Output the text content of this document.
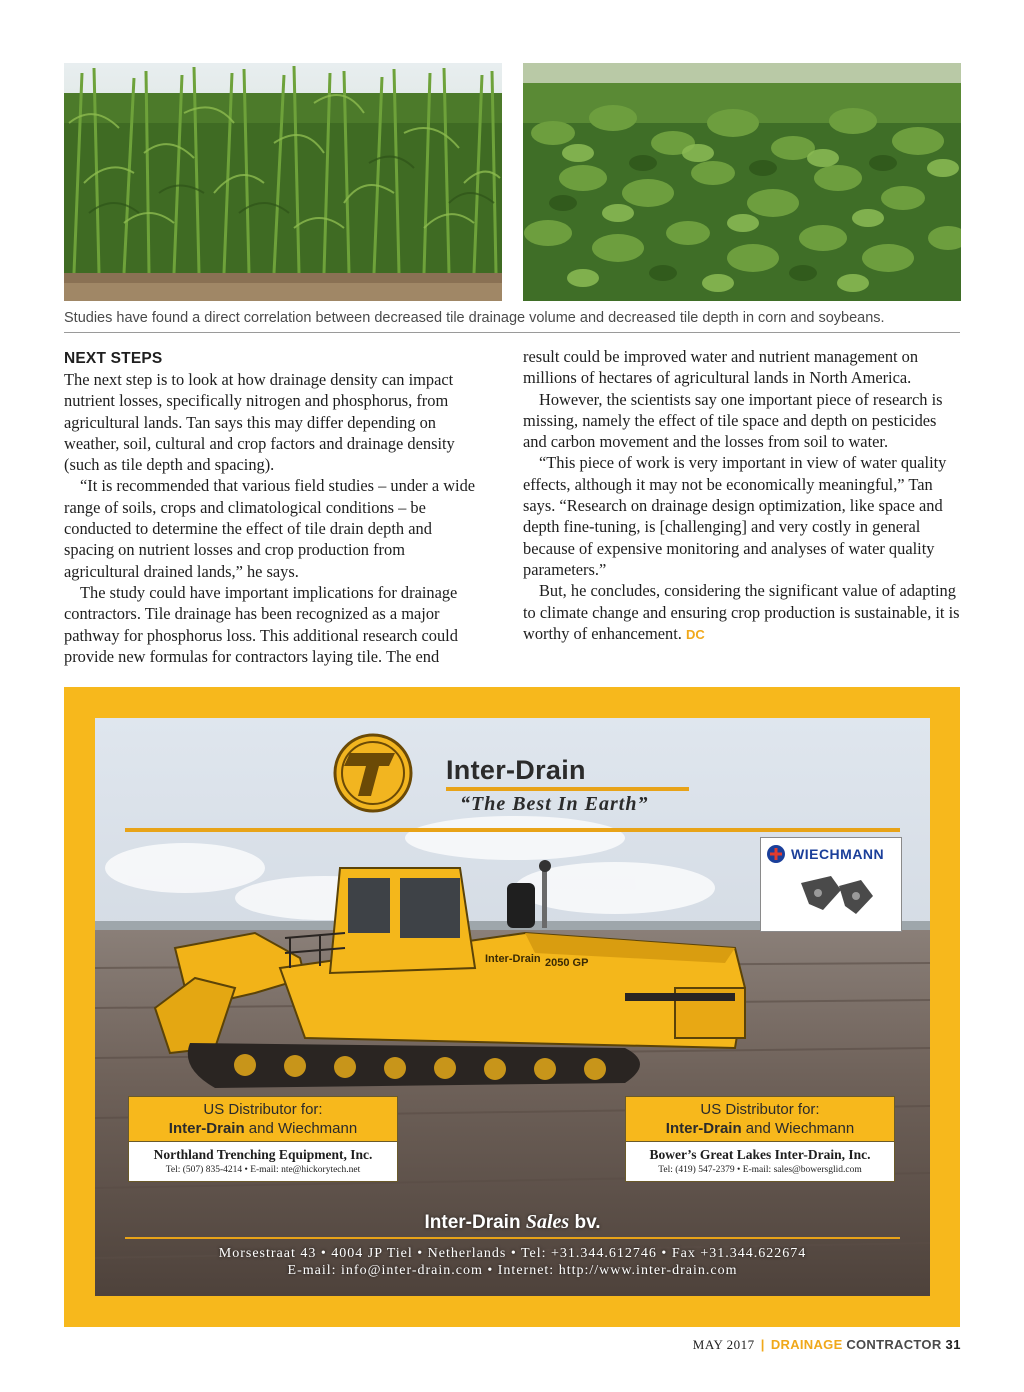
Studies have found a direct correlation between decreased tile drainage volume and decreased tile depth in corn and soybeans.
NEXT STEPS

The next step is to look at how drainage density can impact nutrient losses, specifically nitrogen and phosphorus, from agricultural lands. Tan says this may differ depending on weather, soil, cultural and crop factors and drainage density (such as tile depth and spacing).

“It is recommended that various field studies – under a wide range of soils, crops and climatological conditions – be conducted to determine the effect of tile drain depth and spacing on nutrient losses and crop production from agricultural drained lands,” he says.

The study could have important implications for drainage contractors. Tile drainage has been recognized as a major pathway for phosphorus loss. This additional research could provide new formulas for contractors laying tile. The end

result could be improved water and nutrient management on millions of hectares of agricultural lands in North America.

However, the scientists say one important piece of research is missing, namely the effect of tile space and depth on pesticides and carbon movement and the losses from soil to water.

“This piece of work is very important in view of water quality effects, although it may not be economically meaningful,” Tan says. “Research on drainage design optimization, like space and depth fine-tuning, is [challenging] and very costly in general because of expensive monitoring and analyses of water quality parameters.”

But, he concludes, considering the significant value of adapting to climate change and ensuring crop production is sustainable, it is worthy of enhancement. DC

Inter-Drain 2050 GP
Inter-Drain
“The Best In Earth”
WIECHMANN
US Distributor for:
Inter-Drain and Wiechmann
Northland Trenching Equipment, Inc.
Tel: (507) 835-4214 • E-mail: nte@hickorytech.net
US Distributor for:
Inter-Drain and Wiechmann
Bower’s Great Lakes Inter-Drain, Inc.
Tel: (419) 547-2379 • E-mail: sales@bowersglid.com
Inter-Drain Sales bv.
Morsestraat 43 • 4004 JP Tiel • Netherlands • Tel: +31.344.612746 • Fax +31.344.622674
E-mail: info@inter-drain.com • Internet: http://www.inter-drain.com
MAY 2017 | DRAINAGE CONTRACTOR 31
